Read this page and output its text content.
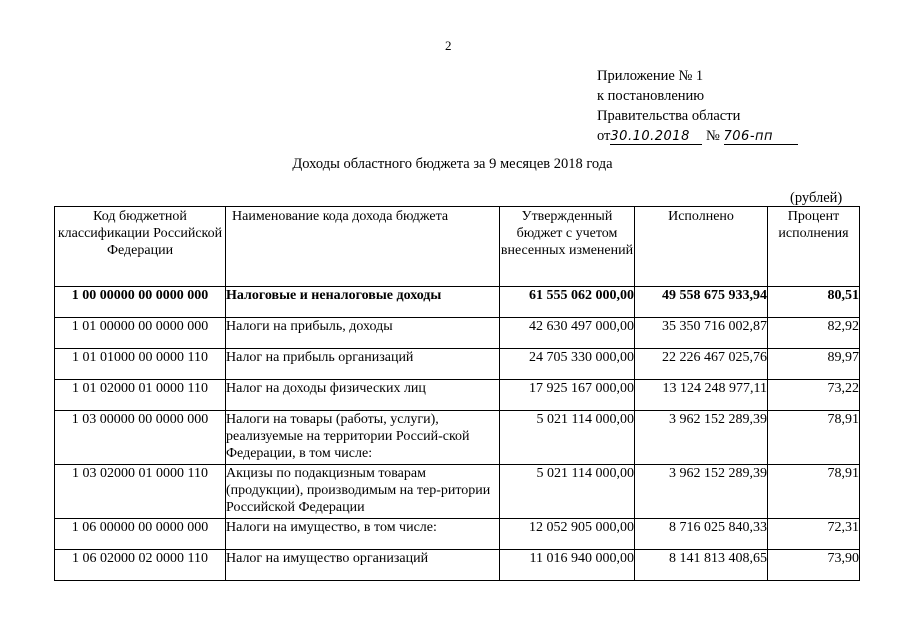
2
Приложение № 1
к постановлению
Правительства области
от30.10.2018 № 706-пп
Доходы областного бюджета за 9 месяцев 2018 года
(рублей)
Код бюджетной классификации Российской Федерации	Наименование кода дохода бюджета	Утвержденный бюджет с учетом внесенных изменений	Исполнено	Процент исполнения
1 00 00000 00 0000 000	Налоговые и неналоговые доходы	61 555 062 000,00	49 558 675 933,94	80,51
1 01 00000 00 0000 000	Налоги на прибыль, доходы	42 630 497 000,00	35 350 716 002,87	82,92
1 01 01000 00 0000 110	Налог на прибыль организаций	24 705 330 000,00	22 226 467 025,76	89,97
1 01 02000 01 0000 110	Налог на доходы физических лиц	17 925 167 000,00	13 124 248 977,11	73,22
1 03 00000 00 0000 000	Налоги на товары (работы, услуги), реализуемые на территории Россий-ской Федерации, в том числе:	5 021 114 000,00	3 962 152 289,39	78,91
1 03 02000 01 0000 110	Акцизы по подакцизным товарам (продукции), производимым на тер-ритории Российской Федерации	5 021 114 000,00	3 962 152 289,39	78,91
1 06 00000 00 0000 000	Налоги на имущество, в том числе:	12 052 905 000,00	8 716 025 840,33	72,31
1 06 02000 02 0000 110	Налог на имущество организаций	11 016 940 000,00	8 141 813 408,65	73,90
